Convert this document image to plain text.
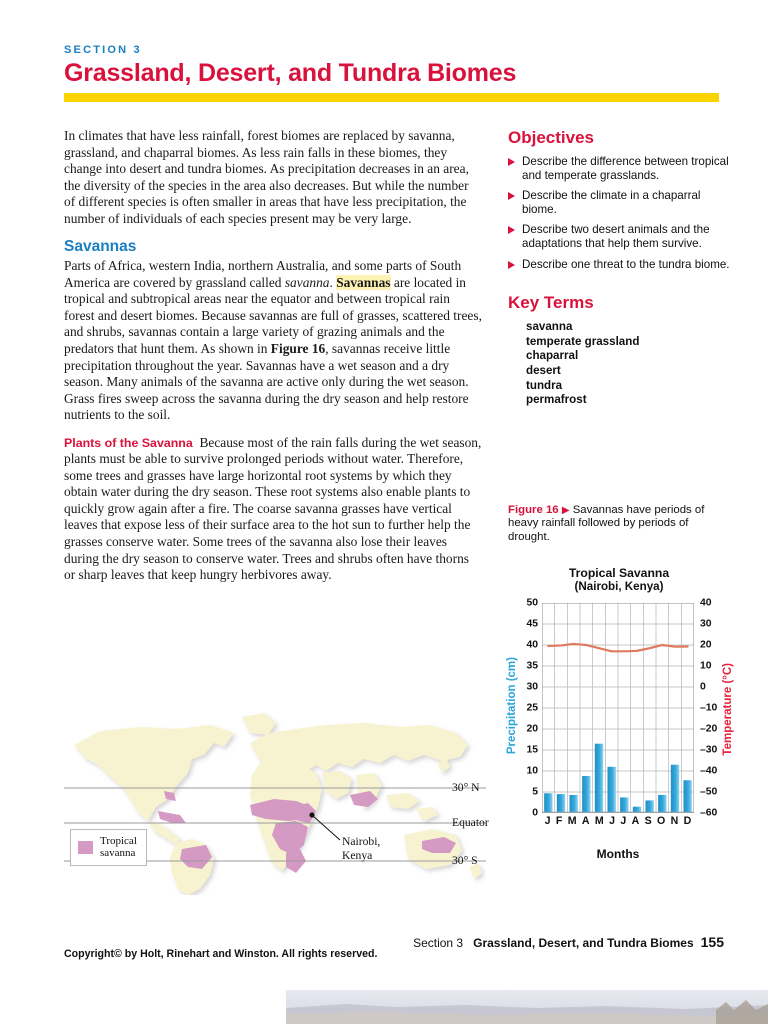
SECTION 3
Grassland, Desert, and Tundra Biomes

In climates that have less rainfall, forest biomes are replaced by savanna, grassland, and chaparral biomes. As less rain falls in these biomes, they change into desert and tundra biomes. As precipitation decreases in an area, the diversity of the species in the area also decreases. But while the number of different species is often smaller in areas that have less precipitation, the number of individuals of each species present may be very large.

Savannas

Parts of Africa, western India, northern Australia, and some parts of South America are covered by grassland called savanna. Savannas are located in tropical and subtropical areas near the equator and between tropical rain forest and desert biomes. Because savannas are full of grasses, scattered trees, and shrubs, savannas contain a large variety of grazing animals and the predators that hunt them. As shown in Figure 16, savannas receive little precipitation throughout the year. Savannas have a wet season and a dry season. Many animals of the savanna are active only during the wet season. Grass fires sweep across the savanna during the dry season and help restore nutrients to the soil.

Plants of the Savanna Because most of the rain falls during the wet season, plants must be able to survive prolonged periods without water. Therefore, some trees and grasses have large horizontal root systems by which they obtain water during the dry season. These root systems also enable plants to quickly grow again after a fire. The coarse savanna grasses have vertical leaves that expose less of their surface area to the hot sun to further help the grasses conserve water. Some trees of the savanna also lose their leaves during the dry season to conserve water. Trees and shrubs often have thorns or sharp leaves that keep hungry herbivores away.

Objectives
Describe the difference between tropical and temperate grasslands.
Describe the climate in a chaparral biome.
Describe two desert animals and the adaptations that help them survive.
Describe one threat to the tundra biome.
Key Terms
savanna
temperate grassland
chaparral
desert
tundra
permafrost
Figure 16 ▶ Savannas have periods of heavy rainfall followed by periods of drought.
Tropical Savanna
(Nairobi, Kenya)
Precipitation (cm)	Temperature (°C)
0
5
10
15
20
25
30
35
40
45
50
–60
–50
–40
–30
–20
–10
0
10
20
30
40
J F M A M J J A S O N D
Months
30° N
Equator
30° S
Tropical
savanna
Nairobi,
Kenya
Section 3 Grassland, Desert, and Tundra Biomes 155
Copyright© by Holt, Rinehart and Winston. All rights reserved.
